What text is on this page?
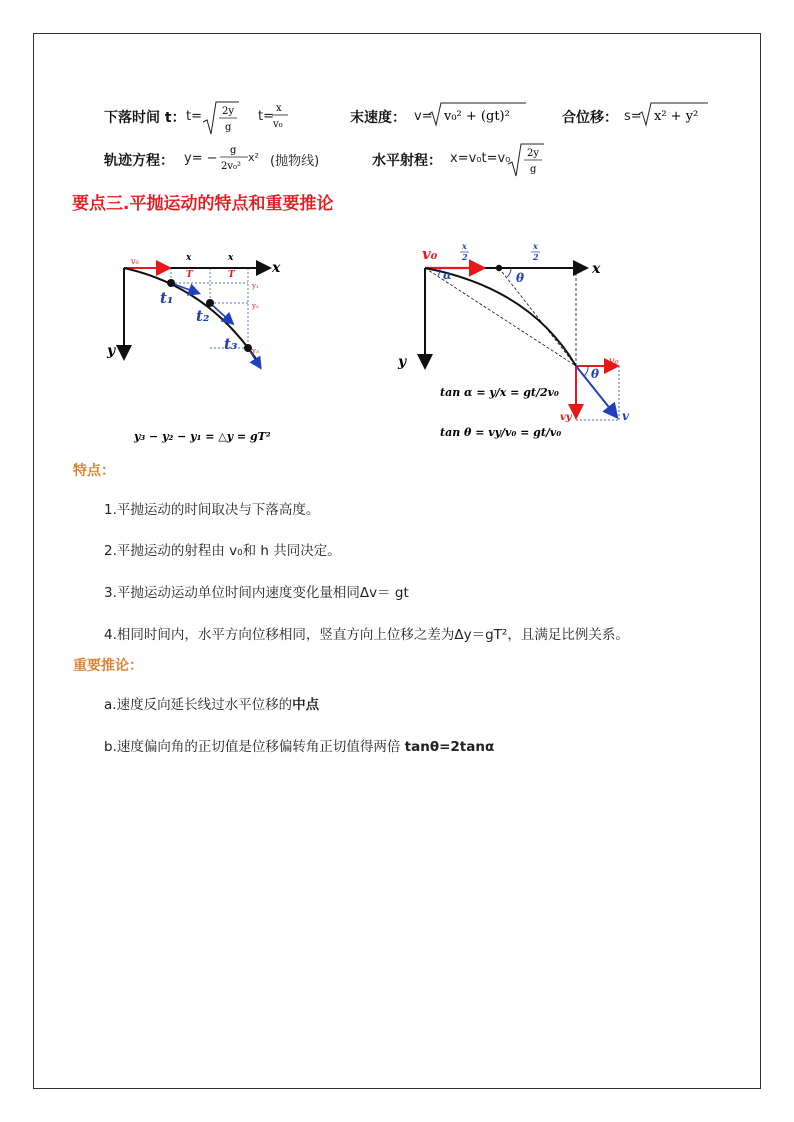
下落时间 t： t= 2y
g
t=
x
v₀	末速度： v= v₀² + (gt)²	合位移： s= x² + y²
轨迹方程： y= −
g
2v₀²
x² (抛物线)	水平射程： x=v₀t=v₀ 2y
g
要点三.平抛运动的特点和重要推论
v₀	x
y
x	x
T	T
t₁
t₂
t₃
y₁
y₂
y₃
y₃ − y₂ − y₁ = △y = gT²
x
y
v₀	x
2
x
2
α	θ
v₀
vy	v
θ
tan α = y/x = gt/2v₀
tan θ = vy/v₀ = gt/v₀
特点：
1.平抛运动的时间取决与下落高度。
2.平抛运动的射程由 v₀和 h 共同决定。
3.平抛运动运动单位时间内速度变化量相同Δv＝ gt
4.相同时间内，水平方向位移相同，竖直方向上位移之差为Δy＝gT²，且满足比例关系。
重要推论：
a.速度反向延长线过水平位移的中点
b.速度偏向角的正切值是位移偏转角正切值得两倍 tanθ=2tanα
